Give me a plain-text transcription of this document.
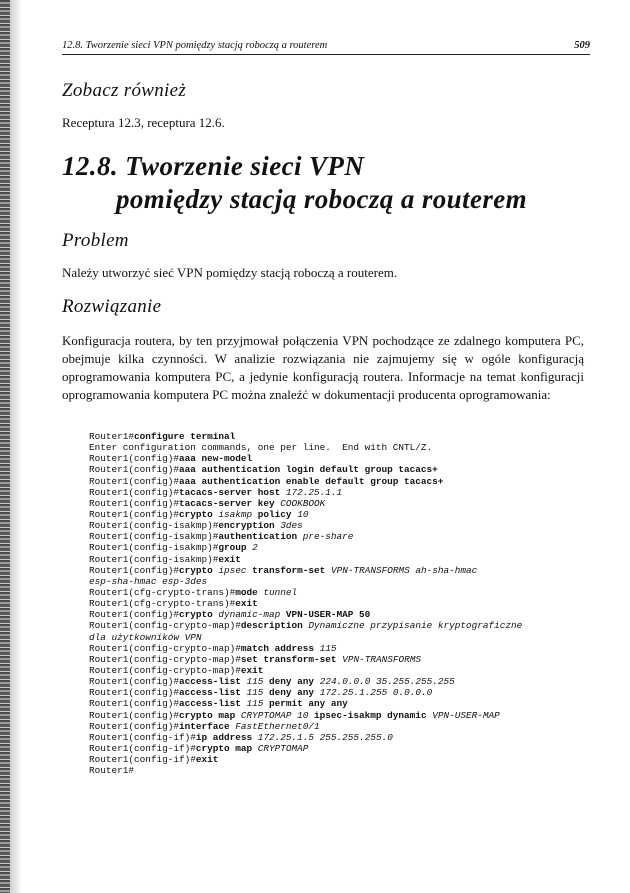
12.8. Tworzenie sieci VPN pomiędzy stacją roboczą a routerem	509
Zobacz również
Receptura 12.3, receptura 12.6.
12.8. Tworzenie sieci VPN
pomiędzy stacją roboczą a routerem
Problem
Należy utworzyć sieć VPN pomiędzy stacją roboczą a routerem.
Rozwiązanie
Konfiguracja routera, by ten przyjmował połączenia VPN pochodzące ze zdalnego komputera PC, obejmuje kilka czynności. W analizie rozwiązania nie zajmujemy się w ogóle konfiguracją oprogramowania komputera PC, a jedynie konfiguracją routera. Informacje na temat konfiguracji oprogramowania komputera PC można znaleźć w dokumentacji producenta oprogramowania:
Router1#configure terminal
Enter configuration commands, one per line.  End with CNTL/Z.
Router1(config)#aaa new-model
Router1(config)#aaa authentication login default group tacacs+
Router1(config)#aaa authentication enable default group tacacs+
Router1(config)#tacacs-server host 172.25.1.1
Router1(config)#tacacs-server key COOKBOOK
Router1(config)#crypto isakmp policy 10
Router1(config-isakmp)#encryption 3des
Router1(config-isakmp)#authentication pre-share
Router1(config-isakmp)#group 2
Router1(config-isakmp)#exit
Router1(config)#crypto ipsec transform-set VPN-TRANSFORMS ah-sha-hmac
esp-sha-hmac esp-3des
Router1(cfg-crypto-trans)#mode tunnel
Router1(cfg-crypto-trans)#exit
Router1(config)#crypto dynamic-map VPN-USER-MAP 50
Router1(config-crypto-map)#description Dynamiczne przypisanie kryptograficzne
dla użytkowników VPN
Router1(config-crypto-map)#match address 115
Router1(config-crypto-map)#set transform-set VPN-TRANSFORMS
Router1(config-crypto-map)#exit
Router1(config)#access-list 115 deny any 224.0.0.0 35.255.255.255
Router1(config)#access-list 115 deny any 172.25.1.255 0.0.0.0
Router1(config)#access-list 115 permit any any
Router1(config)#crypto map CRYPTOMAP 10 ipsec-isakmp dynamic VPN-USER-MAP
Router1(config)#interface FastEthernet0/1
Router1(config-if)#ip address 172.25.1.5 255.255.255.0
Router1(config-if)#crypto map CRYPTOMAP
Router1(config-if)#exit
Router1#
